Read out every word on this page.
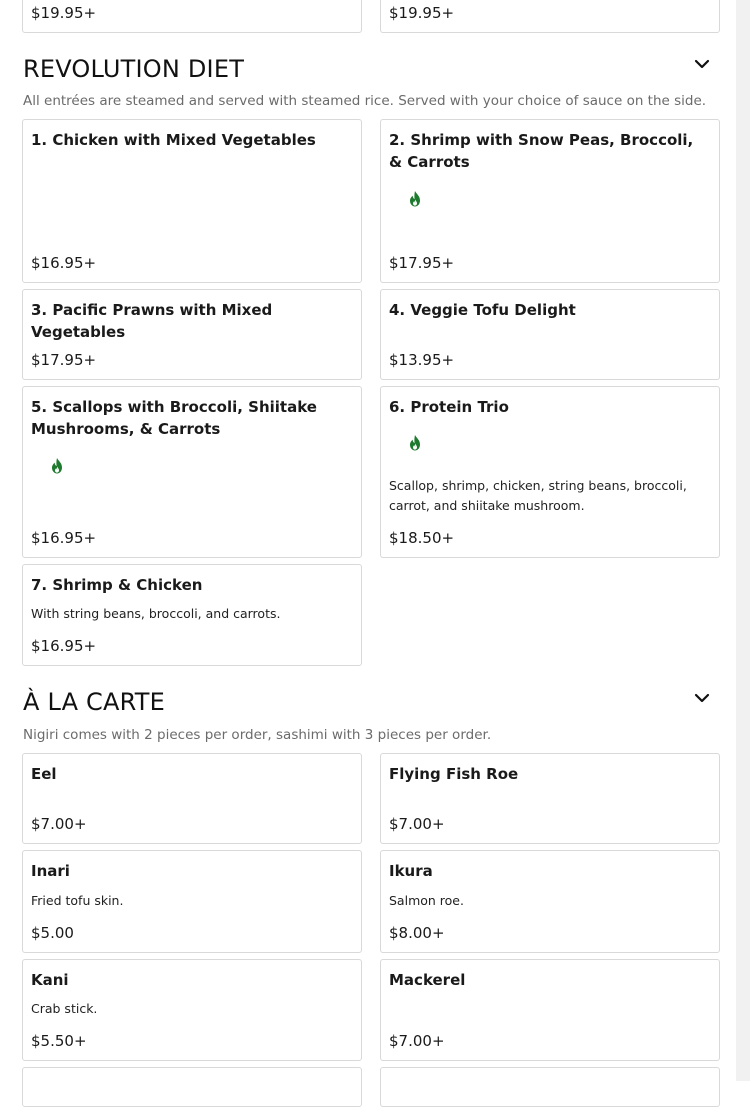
$19.95+	$19.95+
REVOLUTION DIET
All entrées are steamed and served with steamed rice. Served with your choice of sauce on the side.
1. Chicken with Mixed Vegetables
$16.95+
2. Shrimp with Snow Peas, Broccoli, & Carrots
$17.95+
3. Pacific Prawns with Mixed Vegetables
$17.95+
4. Veggie Tofu Delight
$13.95+
5. Scallops with Broccoli, Shiitake Mushrooms, & Carrots
$16.95+
6. Protein Trio
Scallop, shrimp, chicken, string beans, broccoli, carrot, and shiitake mushroom.
$18.50+
7. Shrimp & Chicken
With string beans, broccoli, and carrots.
$16.95+
À LA CARTE
Nigiri comes with 2 pieces per order, sashimi with 3 pieces per order.
Eel
$7.00+
Flying Fish Roe
$7.00+
Inari
Fried tofu skin.
$5.00
Ikura
Salmon roe.
$8.00+
Kani
Crab stick.
$5.50+
Mackerel
$7.00+
